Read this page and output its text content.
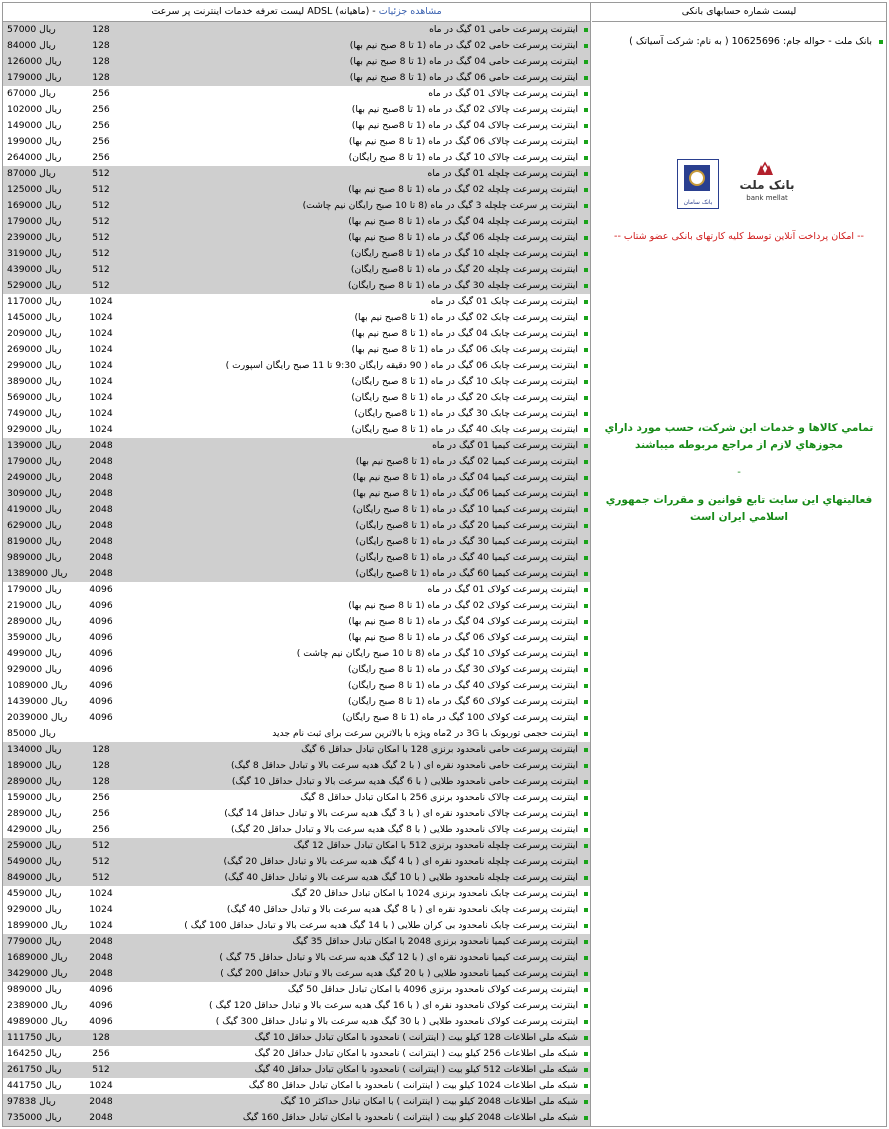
لیست تعرفه خدمات اینترنت پر سرعت ADSL (ماهیانه) - مشاهده جزئیات
57000 ریال	128	اینترنت پرسرعت حامی 01 گیگ در ماه
84000 ریال	128	اینترنت پرسرعت حامی 02 گیگ در ماه (1 تا 8 صبح نیم بها)
126000 ریال	128	اینترنت پرسرعت حامی 04 گیگ در ماه (1 تا 8 صبح نیم بها)
179000 ریال	128	اینترنت پرسرعت حامی 06 گیگ در ماه (1 تا 8 صبح نیم بها)
67000 ریال	256	اینترنت پرسرعت چالاک 01 گیگ در ماه
102000 ریال	256	اینترنت پرسرعت چالاک 02 گیگ در ماه (1 تا 8صبح نیم بها)
149000 ریال	256	اینترنت پرسرعت چالاک 04 گیگ در ماه (1 تا 8صبح نیم بها)
199000 ریال	256	اینترنت پرسرعت چالاک 06 گیگ در ماه (1 تا 8 صبح نیم بها)
264000 ریال	256	اینترنت پرسرعت چالاک 10 گیگ در ماه (1 تا 8 صبح رایگان)
87000 ریال	512	اینترنت پرسرعت چلچله 01 گیگ در ماه
125000 ریال	512	اینترنت پرسرعت چلچله 02 گیگ در ماه (1 تا 8 صبح نیم بها)
169000 ریال	512	اینترنت پر سرعت چلچله 3 گیگ در ماه (8 تا 10 صبح رایگان نیم چاشت)
179000 ریال	512	اینترنت پرسرعت چلچله 04 گیگ در ماه (1 تا 8 صبح نیم بها)
239000 ریال	512	اینترنت پرسرعت چلچله 06 گیگ در ماه (1 تا 8 صبح نیم بها)
319000 ریال	512	اینترنت پرسرعت چلچله 10 گیگ در ماه (1 تا 8صبح رایگان)
439000 ریال	512	اینترنت پرسرعت چلچله 20 گیگ در ماه (1 تا 8صبح رایگان)
529000 ریال	512	اینترنت پرسرعت چلچله 30 گیگ در ماه (1 تا 8 صبح رایگان)
117000 ریال	1024	اینترنت پرسرعت چابک 01 گیگ در ماه
145000 ریال	1024	اینترنت پرسرعت چابک 02 گیگ در ماه (1 تا 8صبح نیم بها)
209000 ریال	1024	اینترنت پرسرعت چابک 04 گیگ در ماه (1 تا 8 صبح نیم بها)
269000 ریال	1024	اینترنت پرسرعت چابک 06 گیگ در ماه (1 تا 8 صبح نیم بها)
299000 ریال	1024	اینترنت پرسرعت چابک 06 گیگ در ماه ( 90 دقیقه رایگان 9:30 تا 11 صبح رایگان اسپورت )
389000 ریال	1024	اینترنت پرسرعت چابک 10 گیگ در ماه (1 تا 8 صبح رایگان)
569000 ریال	1024	اینترنت پرسرعت چابک 20 گیگ در ماه (1 تا 8 صبح رایگان)
749000 ریال	1024	اینترنت پرسرعت چابک 30 گیگ در ماه (1 تا 8صبح رایگان)
929000 ریال	1024	اینترنت پرسرعت چابک 40 گیگ در ماه (1 تا 8 صبح رایگان)
139000 ریال	2048	اینترنت پرسرعت کیمیا 01 گیگ در ماه
179000 ریال	2048	اینترنت پرسرعت کیمیا 02 گیگ در ماه (1 تا 8صبح نیم بها)
249000 ریال	2048	اینترنت پرسرعت کیمیا 04 گیگ در ماه (1 تا 8 صبح نیم بها)
309000 ریال	2048	اینترنت پرسرعت کیمیا 06 گیگ در ماه (1 تا 8 صبح نیم بها)
419000 ریال	2048	اینترنت پرسرعت کیمیا 10 گیگ در ماه (1 تا 8 صبح رایگان)
629000 ریال	2048	اینترنت پرسرعت کیمیا 20 گیگ در ماه (1 تا 8صبح رایگان)
819000 ریال	2048	اینترنت پرسرعت کیمیا 30 گیگ در ماه (1 تا 8صبح رایگان)
989000 ریال	2048	اینترنت پرسرعت کیمیا 40 گیگ در ماه (1 تا 8صبح رایگان)
1389000 ریال	2048	اینترنت پرسرعت کیمیا 60 گیگ در ماه (1 تا 8صبح رایگان)
179000 ریال	4096	اینترنت پرسرعت کولاک 01 گیگ در ماه
219000 ریال	4096	اینترنت پرسرعت کولاک 02 گیگ در ماه (1 تا 8 صبح نیم بها)
289000 ریال	4096	اینترنت پرسرعت کولاک 04 گیگ در ماه (1 تا 8 صبح نیم بها)
359000 ریال	4096	اینترنت پرسرعت کولاک 06 گیگ در ماه (1 تا 8 صبح نیم بها)
499000 ریال	4096	اینترنت پرسرعت کولاک 10 گیگ در ماه (8 تا 10 صبح رایگان نیم چاشت )
929000 ریال	4096	اینترنت پرسرعت کولاک 30 گیگ در ماه (1 تا 8 صبح رایگان)
1089000 ریال	4096	اینترنت پرسرعت کولاک 40 گیگ در ماه (1 تا 8 صبح رایگان)
1439000 ریال	4096	اینترنت پرسرعت کولاک 60 گیگ در ماه (1 تا 8 صبح رایگان)
2039000 ریال	4096	اینترنت پرسرعت کولاک 100 گیگ در ماه (1 تا 8 صبح رایگان)
85000 ریال	اینترنت حجمی توربونک با 3G در 2ماه ویژه با بالاترین سرعت برای ثبت نام جدید
134000 ریال	128	اینترنت پرسرعت حامی نامحدود برنزی 128 با امکان تبادل حداقل 6 گیگ
189000 ریال	128	اینترنت پرسرعت حامی نامحدود نقره ای ( با 2 گیگ هدیه سرعت بالا و تبادل حداقل 8 گیگ)
289000 ریال	128	اینترنت پرسرعت حامی نامحدود طلایی ( با 6 گیگ هدیه سرعت بالا و تبادل حداقل 10 گیگ)
159000 ریال	256	اینترنت پرسرعت چالاک نامحدود برنزی 256 با امکان تبادل حداقل 8 گیگ
289000 ریال	256	اینترنت پرسرعت چالاک نامحدود نقره ای ( با 3 گیگ هدیه سرعت بالا و تبادل حداقل 14 گیگ)
429000 ریال	256	اینترنت پرسرعت چالاک نامحدود طلایی ( با 8 گیگ هدیه سرعت بالا و تبادل حداقل 20 گیگ)
259000 ریال	512	اینترنت پرسرعت چلچله نامحدود برنزی 512 با امکان تبادل حداقل 12 گیگ
549000 ریال	512	اینترنت پرسرعت چلچله نامحدود نقره ای ( با 4 گیگ هدیه سرعت بالا و تبادل حداقل 20 گیگ)
849000 ریال	512	اینترنت پرسرعت چلچله نامحدود طلایی ( با 10 گیگ هدیه سرعت بالا و تبادل حداقل 40 گیگ)
459000 ریال	1024	اینترنت پرسرعت چابک نامحدود برنزی 1024 با امکان تبادل حداقل 20 گیگ
929000 ریال	1024	اینترنت پرسرعت چابک نامحدود نقره ای ( با 8 گیگ هدیه سرعت بالا و تبادل حداقل 40 گیگ)
1899000 ریال	1024	اینترنت پرسرعت چابک نامحدود بی کران طلایی ( با 14 گیگ هدیه سرعت بالا و تبادل حداقل 100 گیگ )
779000 ریال	2048	اینترنت پرسرعت کیمیا نامحدود برنزی 2048 با امکان تبادل حداقل 35 گیگ
1689000 ریال	2048	اینترنت پرسرعت کیمیا نامحدود نقره ای ( با 12 گیگ هدیه سرعت بالا و تبادل حداقل 75 گیگ )
3429000 ریال	2048	اینترنت پرسرعت کیمیا نامحدود طلایی ( با 20 گیگ هدیه سرعت بالا و تبادل حداقل 200 گیگ )
989000 ریال	4096	اینترنت پرسرعت کولاک نامحدود برنزی 4096 با امکان تبادل حداقل 50 گیگ
2389000 ریال	4096	اینترنت پرسرعت کولاک نامحدود نقره ای ( با 16 گیگ هدیه سرعت بالا و تبادل حداقل 120 گیگ )
4989000 ریال	4096	اینترنت پرسرعت کولاک نامحدود طلایی ( با 30 گیگ هدیه سرعت بالا و تبادل حداقل 300 گیگ )
111750 ریال	128	شبکه ملی اطلاعات 128 کیلو بیت ( اینترانت ) نامحدود با امکان تبادل حداقل 10 گیگ
164250 ریال	256	شبکه ملی اطلاعات 256 کیلو بیت ( اینترانت ) نامحدود با امکان تبادل حداقل 20 گیگ
261750 ریال	512	شبکه ملی اطلاعات 512 کیلو بیت ( اینترانت ) نامحدود با امکان تبادل حداقل 40 گیگ
441750 ریال	1024	شبکه ملی اطلاعات 1024 کیلو بیت ( اینترانت ) نامحدود با امکان تبادل حداقل 80 گیگ
97838 ریال	2048	شبکه ملی اطلاعات 2048 کیلو بیت ( اینترانت ) با امکان تبادل حداکثر 10 گیگ
735000 ریال	2048	شبکه ملی اطلاعات 2048 کیلو بیت ( اینترانت ) نامحدود با امکان تبادل حداقل 160 گیگ
لیست شماره حسابهای بانکی
بانک ملت - حواله جام: 10625696 ( به نام: شرکت آسیاتک )
بانک سامان
بانک ملت
bank mellat
-- امکان پرداخت آنلاین توسط کلیه کارتهای بانکی عضو شتاب --
تمامي كالاها و خدمات اين شركت، حسب مورد داراي مجوزهاي لازم از مراجع مربوطه ميباشند
-
فعاليتهاي اين سايت تابع قوانين و مقررات جمهوري اسلامي ايران است
